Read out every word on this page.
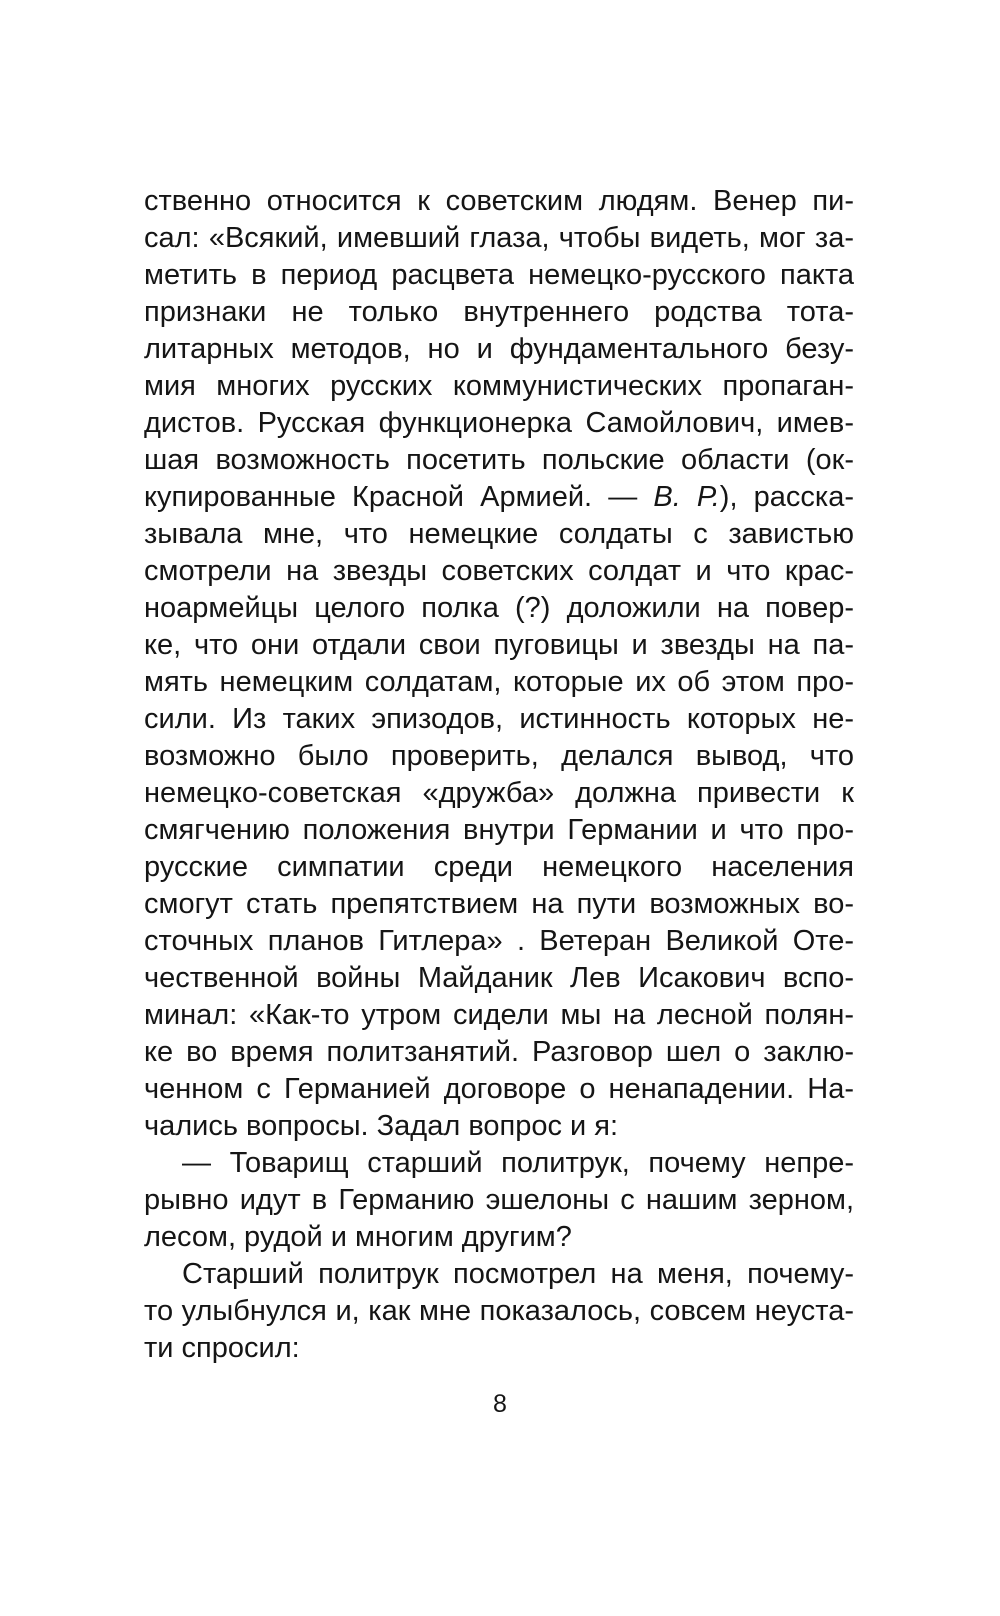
ственно относится к советским людям. Венер пи-
сал: «Всякий, имевший глаза, чтобы видеть, мог за-
метить в период расцвета немецко-русского пакта
признаки не только внутреннего родства тота-
литарных методов, но и фундаментального безу-
мия многих русских коммунистических пропаган-
дистов. Русская функционерка Самойлович, имев-
шая возможность посетить польские области (ок-
купированные Красной Армией. — В. Р.), расска-
зывала мне, что немецкие солдаты с завистью
смотрели на звезды советских солдат и что крас-
ноармейцы целого полка (?) доложили на повер-
ке, что они отдали свои пуговицы и звезды на па-
мять немецким солдатам, которые их об этом про-
сили. Из таких эпизодов, истинность которых не-
возможно было проверить, делался вывод, что
немецко-советская «дружба» должна привести к
смягчению положения внутри Германии и что про-
русские симпатии среди немецкого населения
смогут стать препятствием на пути возможных во-
сточных планов Гитлера» . Ветеран Великой Оте-
чественной войны Майданик Лев Исакович вспо-
минал: «Как-то утром сидели мы на лесной полян-
ке во время политзанятий. Разговор шел о заклю-
ченном с Германией договоре о ненападении. На-
чались вопросы. Задал вопрос и я:
— Товарищ старший политрук, почему непре-
рывно идут в Германию эшелоны с нашим зерном,
лесом, рудой и многим другим?
Старший политрук посмотрел на меня, почему-
то улыбнулся и, как мне показалось, совсем неуста-
ти спросил:
8
